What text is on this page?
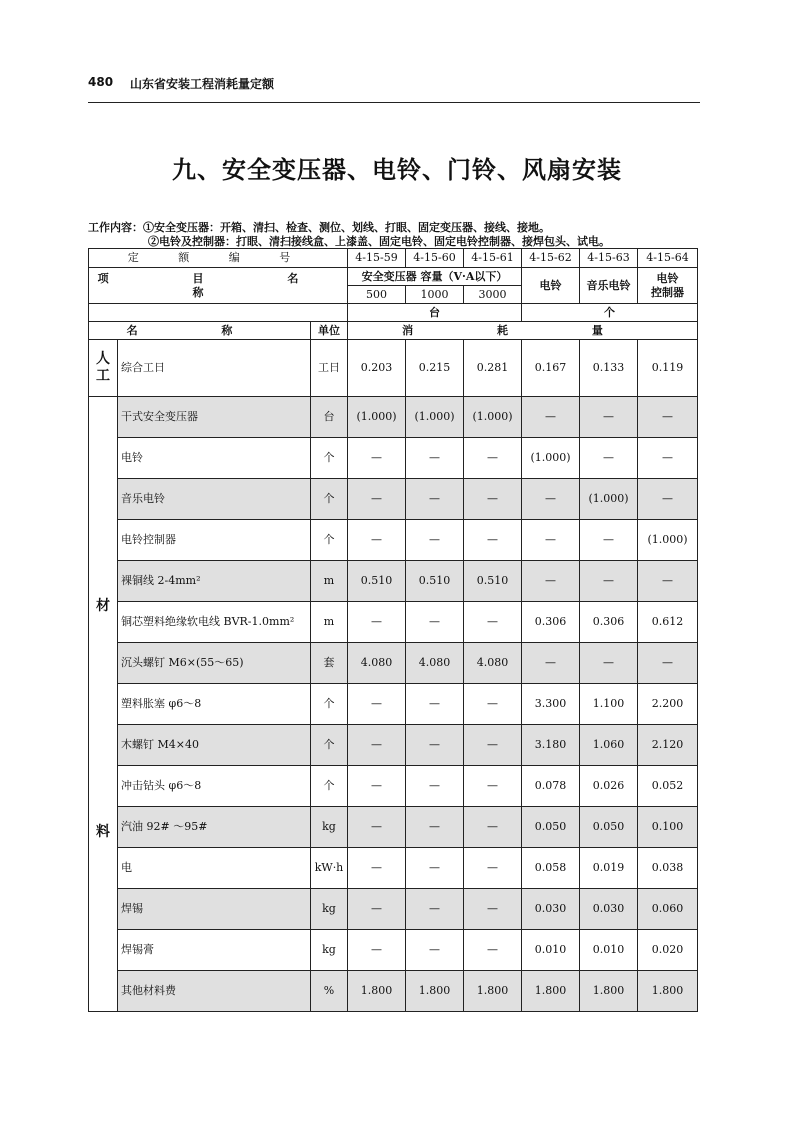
480 山东省安装工程消耗量定额
九、安全变压器、电铃、门铃、风扇安装
工作内容：①安全变压器：开箱、清扫、检查、测位、划线、打眼、固定变压器、接线、接地。
②电铃及控制器：打眼、清扫接线盒、上漆盖、固定电铃、固定电铃控制器、接焊包头、试电。
定 额 编 号			4-15-59	4-15-60	4-15-61	4-15-62	4-15-63	4-15-64
项 目 名 称			安全变压器 容量（V·A以下）			电铃	音乐电铃	电铃
控制器
			500	1000	3000			
			台			个		
名 称		单位	消 耗 量					
人
工	综合工日	工日	0.203	0.215	0.281	0.167	0.133	0.119

材
料	干式安全变压器	台	(1.000)	(1.000)	(1.000)	—	—	—
	电铃	个	—	—	—	(1.000)	—	—
	音乐电铃	个	—	—	—	—	(1.000)	—
	电铃控制器	个	—	—	—	—	—	(1.000)
	裸铜线 2-4mm²	m	0.510	0.510	0.510	—	—	—
	铜芯塑料绝缘软电线 BVR-1.0mm²	m	—	—	—	0.306	0.306	0.612
	沉头螺钉 M6×(55～65)	套	4.080	4.080	4.080	—	—	—
	塑料胀塞 φ6～8	个	—	—	—	3.300	1.100	2.200
	木螺钉 M4×40	个	—	—	—	3.180	1.060	2.120
	冲击钻头 φ6～8	个	—	—	—	0.078	0.026	0.052
	汽油 92# ～95#	kg	—	—	—	0.050	0.050	0.100
	电	kW·h	—	—	—	0.058	0.019	0.038
	焊锡	kg	—	—	—	0.030	0.030	0.060
	焊锡膏	kg	—	—	—	0.010	0.010	0.020
	其他材料费	%	1.800	1.800	1.800	1.800	1.800	1.800
